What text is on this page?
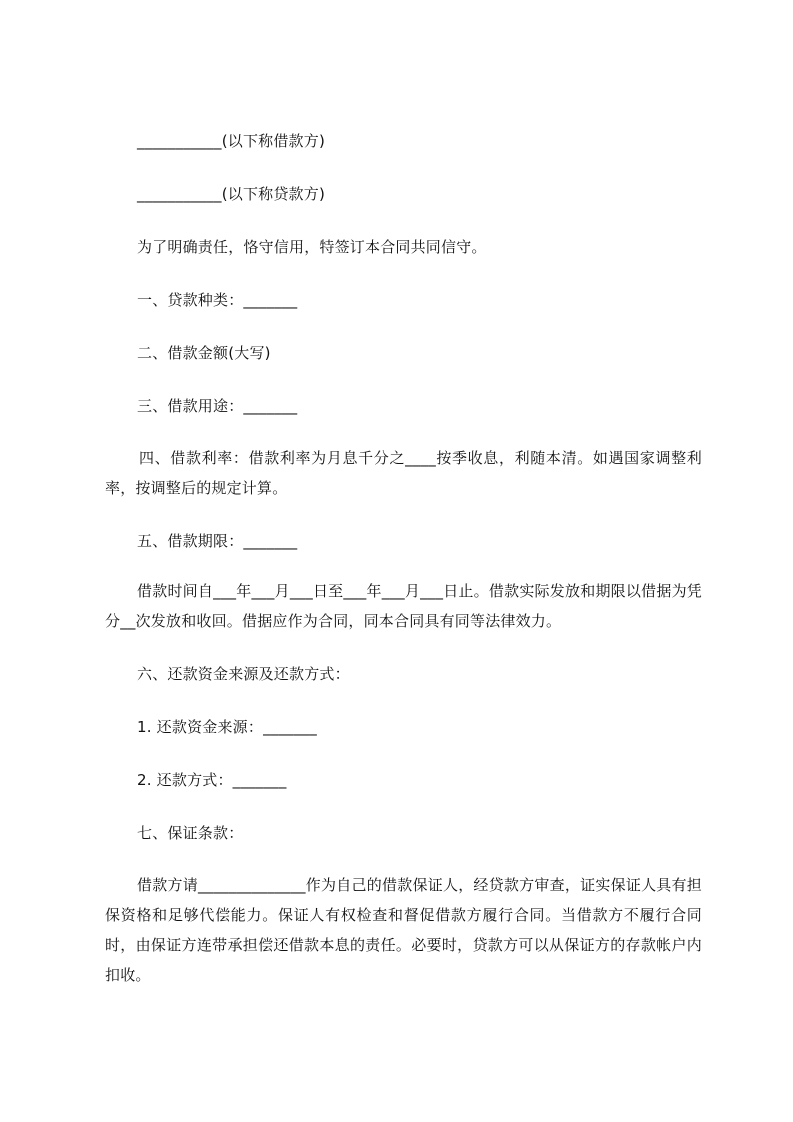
___________(以下称借款方)
___________(以下称贷款方)
为了明确责任，恪守信用，特签订本合同共同信守。
一、贷款种类：_______
二、借款金额(大写)
三、借款用途：_______
四、借款利率：借款利率为月息千分之____按季收息，利随本清。如遇国家调整利率，按调整后的规定计算。
五、借款期限：_______
借款时间自___年___月___日至___年___月___日止。借款实际发放和期限以借据为凭分__次发放和收回。借据应作为合同，同本合同具有同等法律效力。
六、还款资金来源及还款方式：
1. 还款资金来源：_______
2. 还款方式：_______
七、保证条款：
借款方请______________作为自己的借款保证人，经贷款方审查，证实保证人具有担保资格和足够代偿能力。保证人有权检查和督促借款方履行合同。当借款方不履行合同时，由保证方连带承担偿还借款本息的责任。必要时，贷款方可以从保证方的存款帐户内扣收。
